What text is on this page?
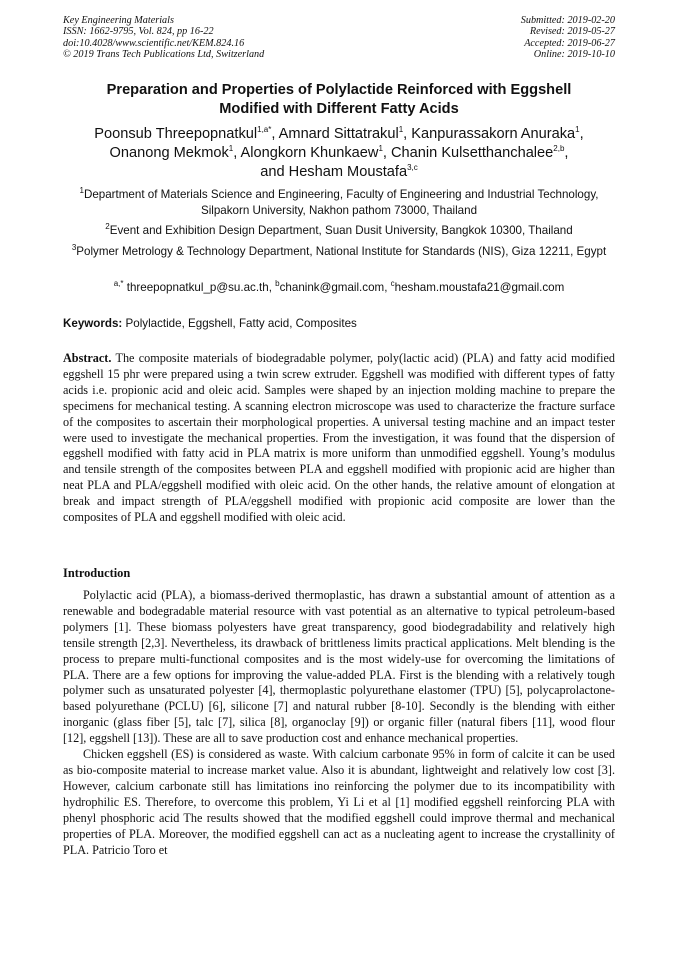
Key Engineering Materials
ISSN: 1662-9795, Vol. 824, pp 16-22
doi:10.4028/www.scientific.net/KEM.824.16
© 2019 Trans Tech Publications Ltd, Switzerland
Submitted: 2019-02-20
Revised: 2019-05-27
Accepted: 2019-06-27
Online: 2019-10-10
Preparation and Properties of Polylactide Reinforced with Eggshell
Modified with Different Fatty Acids
Poonsub Threepopnatkul$^{1,a*}$, Amnard Sittatrakul$^1$, Kanpurassakorn Anuraka$^1$,
Onanong Mekmok$^1$, Alongkorn Khunkaew$^1$, Chanin Kulsetthanchalee$^{2,b}$,
and Hesham Moustafa$^{3,c}$
$^1$Department of Materials Science and Engineering, Faculty of Engineering and Industrial Technology, Silpakorn University, Nakhon pathom 73000, Thailand
$^2$Event and Exhibition Design Department, Suan Dusit University, Bangkok 10300, Thailand
$^3$Polymer Metrology & Technology Department, National Institute for Standards (NIS), Giza 12211, Egypt
$^{a,*}$ threepopnatkul_p@su.ac.th, $^b$chanink@gmail.com, $^c$hesham.moustafa21@gmail.com
Keywords: Polylactide, Eggshell, Fatty acid, Composites

Abstract. The composite materials of biodegradable polymer, poly(lactic acid) (PLA) and fatty acid modified eggshell 15 phr were prepared using a twin screw extruder. Eggshell was modified with different types of fatty acids i.e. propionic acid and oleic acid. Samples were shaped by an injection molding machine to prepare the specimens for mechanical testing. A scanning electron microscope was used to characterize the fracture surface of the composites to ascertain their morphological properties. A universal testing machine and an impact tester were used to investigate the mechanical properties. From the investigation, it was found that the dispersion of eggshell modified with fatty acid in PLA matrix is more uniform than unmodified eggshell. Young’s modulus and tensile strength of the composites between PLA and eggshell modified with propionic acid are higher than neat PLA and PLA/eggshell modified with oleic acid. On the other hands, the relative amount of elongation at break and impact strength of PLA/eggshell modified with propionic acid composite are lower than the composites of PLA and eggshell modified with oleic acid.

Introduction

Polylactic acid (PLA), a biomass-derived thermoplastic, has drawn a substantial amount of attention as a renewable and bodegradable material resource with vast potential as an alternative to typical petroleum-based polymers [1]. These biomass polyesters have great transparency, good biodegradability and relatively high tensile strength [2,3]. Nevertheless, its drawback of brittleness limits practical applications. Melt blending is the process to prepare multi-functional composites and is the most widely-use for overcoming the limitations of PLA. There are a few options for improving the value-added PLA. First is the blending with a relatively tough polymer such as unsaturated polyester [4], thermoplastic polyurethane elastomer (TPU) [5], polycaprolactone-based polyurethane (PCLU) [6], silicone [7] and natural rubber [8-10]. Secondly is the blending with either inorganic (glass fiber [5], talc [7], silica [8], organoclay [9]) or organic filler (natural fibers [11], wood flour [12], eggshell [13]). These are all to save production cost and enhance mechanical properties.

Chicken eggshell (ES) is considered as waste. With calcium carbonate 95% in form of calcite it can be used as bio-composite material to increase market value. Also it is abundant, lightweight and relatively low cost [3]. However, calcium carbonate still has limitations ino reinforcing the polymer due to its incompatibility with hydrophilic ES. Therefore, to overcome this problem, Yi Li et al [1] modified eggshell reinforcing PLA with phenyl phosphoric acid The results showed that the modified eggshell could improve thermal and mechanical properties of PLA. Moreover, the modified eggshell can act as a nucleating agent to increase the crystallinity of PLA. Patricio Toro et
